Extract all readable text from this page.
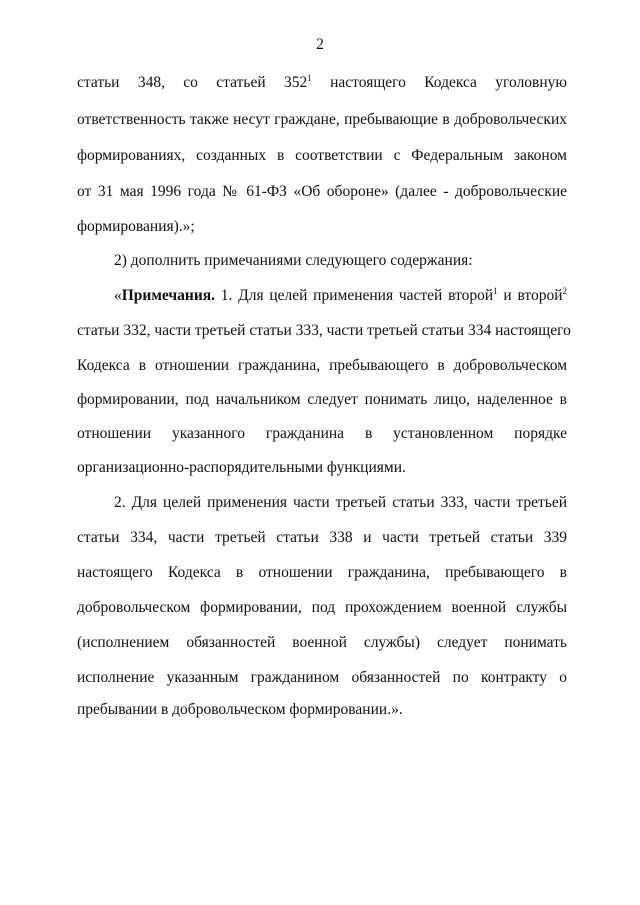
2
статьи 348, со статьей $352^1$ настоящего Кодекса уголовную
ответственность также несут граждане, пребывающие в добровольческих
формированиях, созданных в соответствии с Федеральным законом
от 31 мая 1996 года № 61-ФЗ «Об обороне» (далее - добровольческие
формирования).»;
2) дополнить примечаниями следующего содержания:
«Примечания. 1. Для целей применения частей второй$^1$ и второй$^2$
статьи 332, части третьей статьи 333, части третьей статьи 334 настоящего
Кодекса в отношении гражданина, пребывающего в добровольческом
формировании, под начальником следует понимать лицо, наделенное в
отношении указанного гражданина в установленном порядке
организационно-распорядительными функциями.
2. Для целей применения части третьей статьи 333, части третьей
статьи 334, части третьей статьи 338 и части третьей статьи 339
настоящего Кодекса в отношении гражданина, пребывающего в
добровольческом формировании, под прохождением военной службы
(исполнением обязанностей военной службы) следует понимать
исполнение указанным гражданином обязанностей по контракту о
пребывании в добровольческом формировании.».
